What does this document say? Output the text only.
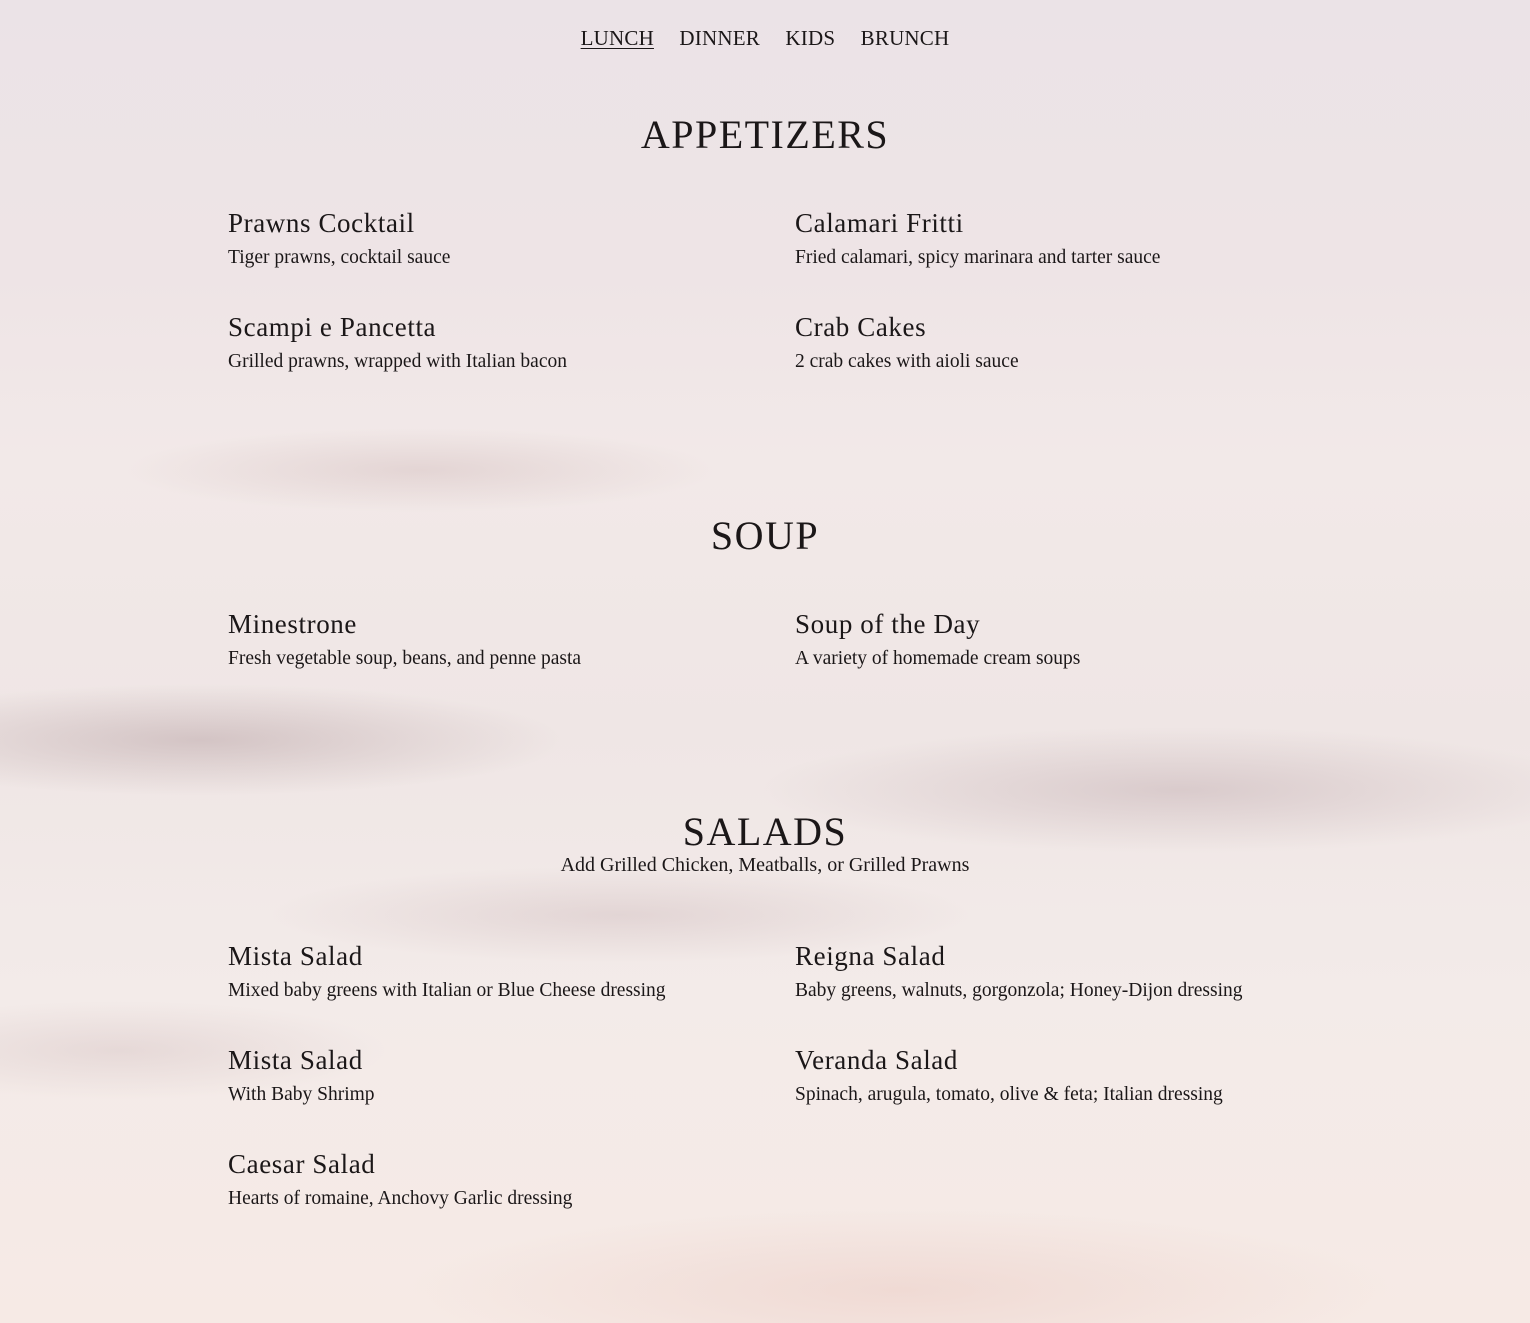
LUNCH DINNER KIDS BRUNCH
APPETIZERS
Prawns Cocktail
Tiger prawns, cocktail sauce
Calamari Fritti
Fried calamari, spicy marinara and tarter sauce
Scampi e Pancetta
Grilled prawns, wrapped with Italian bacon
Crab Cakes
2 crab cakes with aioli sauce
SOUP
Minestrone
Fresh vegetable soup, beans, and penne pasta
Soup of the Day
A variety of homemade cream soups
SALADS

Add Grilled Chicken, Meatballs, or Grilled Prawns

Mista Salad
Mixed baby greens with Italian or Blue Cheese dressing
Reigna Salad
Baby greens, walnuts, gorgonzola; Honey-Dijon dressing
Mista Salad
With Baby Shrimp
Veranda Salad
Spinach, arugula, tomato, olive & feta; Italian dressing
Caesar Salad
Hearts of romaine, Anchovy Garlic dressing
